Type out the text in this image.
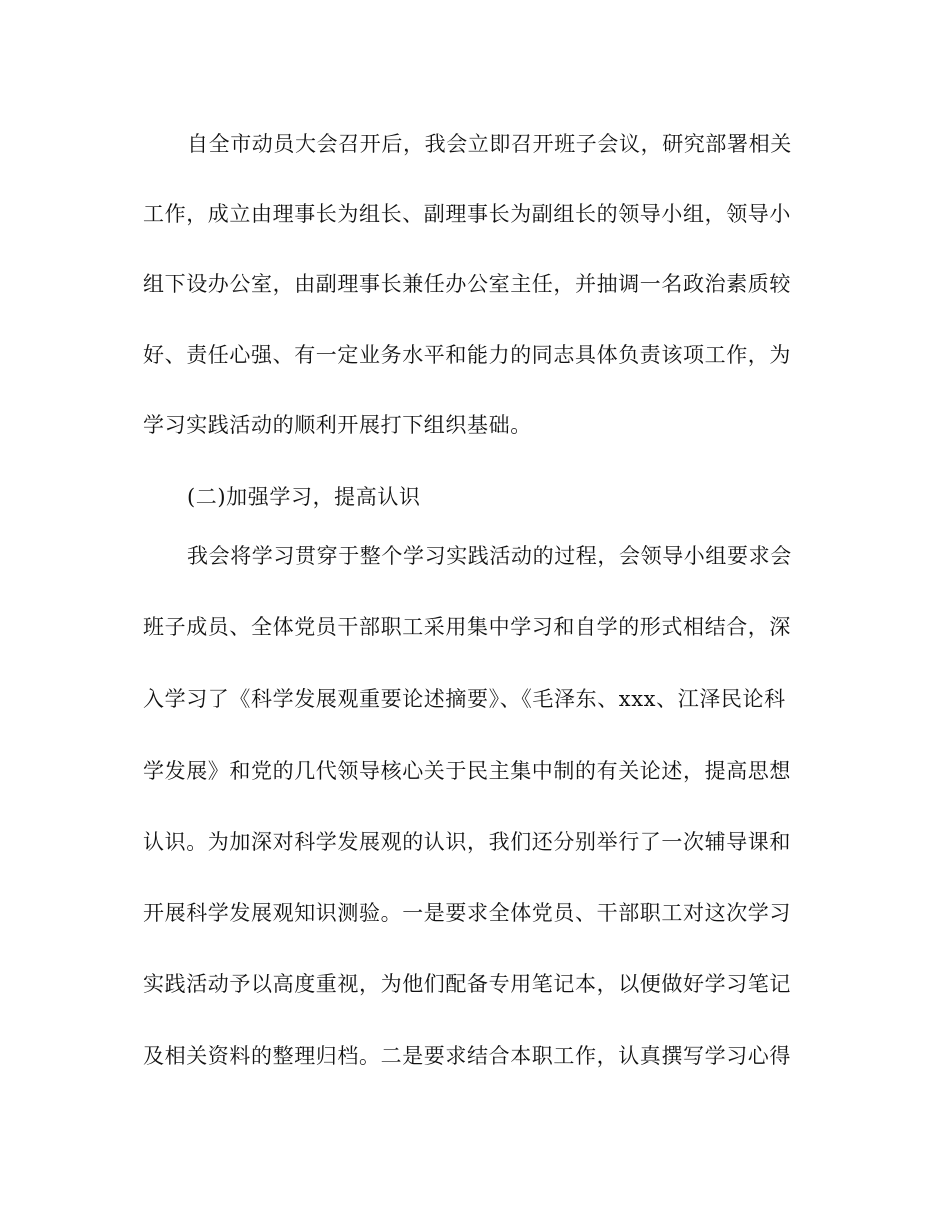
自全市动员大会召开后，我会立即召开班子会议，研究部署相关
工作，成立由理事长为组长、副理事长为副组长的领导小组，领导小
组下设办公室，由副理事长兼任办公室主任，并抽调一名政治素质较
好、责任心强、有一定业务水平和能力的同志具体负责该项工作，为
学习实践活动的顺利开展打下组织基础。
(二)加强学习，提高认识
我会将学习贯穿于整个学习实践活动的过程，会领导小组要求会
班子成员、全体党员干部职工采用集中学习和自学的形式相结合，深
入学习了《科学发展观重要论述摘要》、《毛泽东、xxx、江泽民论科
学发展》和党的几代领导核心关于民主集中制的有关论述，提高思想
认识。为加深对科学发展观的认识，我们还分别举行了一次辅导课和
开展科学发展观知识测验。一是要求全体党员、干部职工对这次学习
实践活动予以高度重视，为他们配备专用笔记本，以便做好学习笔记
及相关资料的整理归档。二是要求结合本职工作，认真撰写学习心得
